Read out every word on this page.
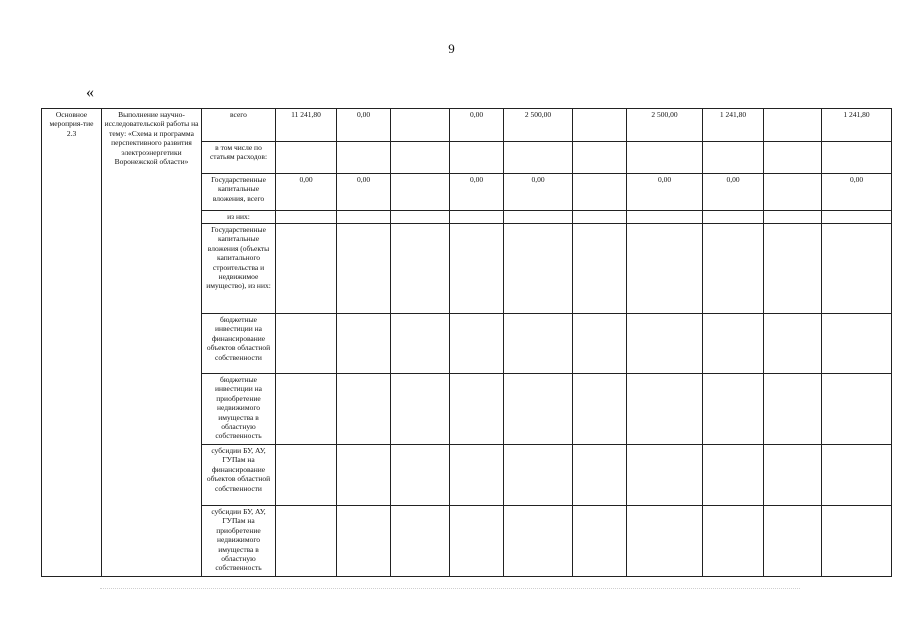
9
«
Основное мероприя-тие 2.3	Выполнение научно-исследовательской работы на тему: «Схема и программа перспективного развития электроэнергетики Воронежской области»	всего	11 241,80	0,00		0,00	2 500,00		2 500,00	1 241,80		1 241,80
		в том числе по статьям расходов:										
		Государственные капитальные вложения, всего	0,00	0,00		0,00	0,00		0,00	0,00		0,00
		из них:										
		Государственные капитальные вложения (объекты капитального строительства и недвижимое имущество), из них:										
		бюджетные инвестиции на финансирование объектов областной собственности										
		бюджетные инвестиции на приобретение недвижимого имущества в областную собственность										
		субсидии БУ, АУ, ГУПам на финансирование объектов областной собственности										
		субсидии БУ, АУ, ГУПам на приобретение недвижимого имущества в областную собственность										
